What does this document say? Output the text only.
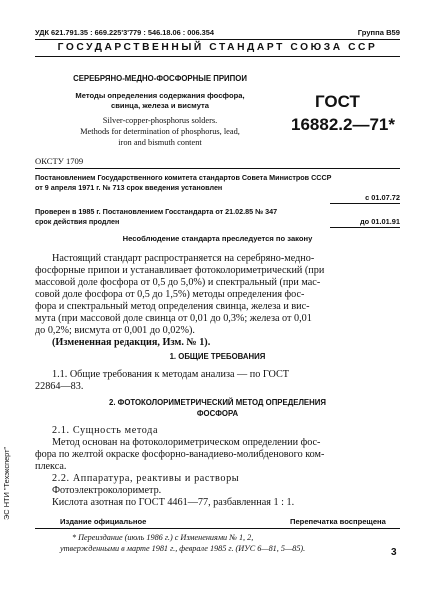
УДК 621.791.35 : 669.225'3'779 : 546.18.06 : 006.354	Группа В59
ГОСУДАРСТВЕННЫЙ СТАНДАРТ СОЮЗА ССР
СЕРЕБРЯНО-МЕДНО-ФОСФОРНЫЕ ПРИПОИ
Методы определения содержания фосфора,
свинца, железа и висмута
Silver-copper-phosphorus solders.
Methods for determination of phosphorus, lead,
iron and bismuth content
ГОСТ
16882.2—71*
ОКСТУ 1709
Постановлением Государственного комитета стандартов Совета Министров СССР
от 9 апреля 1971 г. № 713 срок введения установлен
с 01.07.72
Проверен в 1985 г. Постановлением Госстандарта от 21.02.85 № 347
срок действия продлен	до 01.01.91
Несоблюдение стандарта преследуется по закону
Настоящий стандарт распространяется на серебряно-медно-
фосфорные припои и устанавливает фотоколориметрический (при
массовой доле фосфора от 0,5 до 5,0%) и спектральный (при мас-
совой доле фосфора от 0,5 до 1,5%) методы определения фос-
фора и спектральный метод определения свинца, железа и вис-
мута (при массовой доле свинца от 0,01 до 0,3%; железа от 0,01
до 0,2%; висмута от 0,001 до 0,02%).
(Измененная редакция, Изм. № 1).
1. ОБЩИЕ ТРЕБОВАНИЯ
1.1. Общие требования к методам анализа — по ГОСТ
22864—83.
2. ФОТОКОЛОРИМЕТРИЧЕСКИЙ МЕТОД ОПРЕДЕЛЕНИЯ
ФОСФОРА
2.1. Сущность метода
Метод основан на фотоколориметрическом определении фос-
фора по желтой окраске фосфорно-ванадиево-молибденового ком-
плекса.
2.2. Аппаратура, реактивы и растворы
Фотоэлектроколориметр.
Кислота азотная по ГОСТ 4461—77, разбавленная 1 : 1.
Издание официальное	Перепечатка воспрещена
* Переиздание (июль 1986 г.) с Изменениями № 1, 2,
утвержденными в марте 1981 г., феврале 1985 г. (ИУС 6—81, 5—85).	3
ЭС НТИ "Техэксперт"
